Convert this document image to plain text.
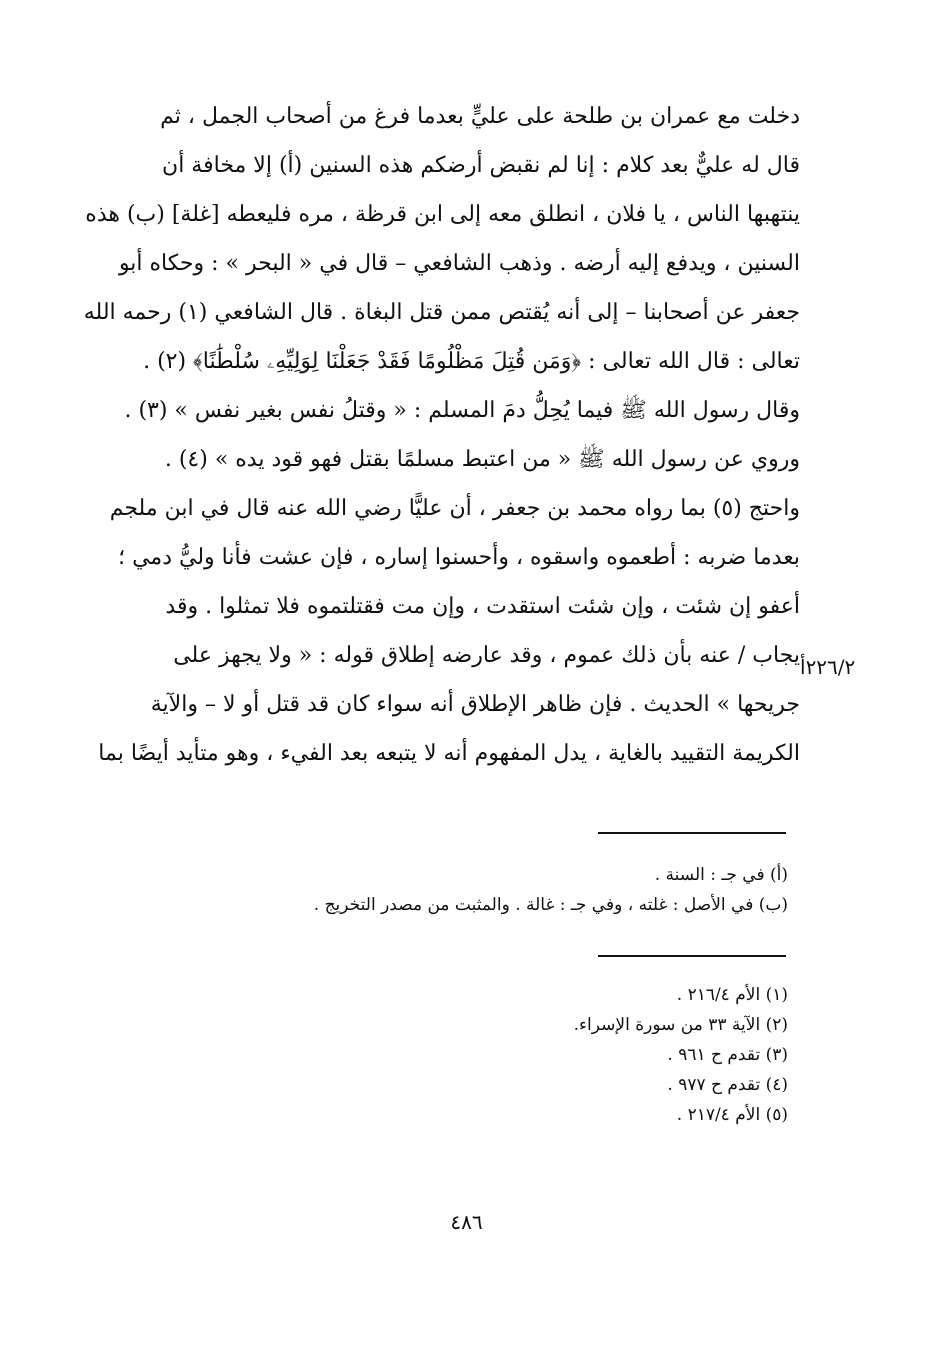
دخلت مع عمران بن طلحة على عليٍّ بعدما فرغ من أصحاب الجمل ، ثم
قال له عليٌّ بعد كلام : إنا لم نقبض أرضكم هذه السنين (أ) إلا مخافة أن
ينتهبها الناس ، يا فلان ، انطلق معه إلى ابن قرظة ، مره فليعطه [غلة] (ب) هذه
السنين ، ويدفع إليه أرضه . وذهب الشافعي – قال في « البحر » : وحكاه أبو
جعفر عن أصحابنا – إلى أنه يُقتص ممن قتل البغاة . قال الشافعي (١) رحمه الله
تعالى : قال الله تعالى : ﴿وَمَن قُتِلَ مَظْلُومًا فَقَدْ جَعَلْنَا لِوَلِيِّهِۦ سُلْطَٰنًا﴾ (٢) .
وقال رسول الله ﷺ فيما يُحِلُّ دمَ المسلم : « وقتلُ نفس بغير نفس » (٣) .
وروي عن رسول الله ﷺ « من اعتبط مسلمًا بقتل فهو قود يده » (٤) .
واحتج (٥) بما رواه محمد بن جعفر ، أن عليًّا رضي الله عنه قال في ابن ملجم
بعدما ضربه : أطعموه واسقوه ، وأحسنوا إساره ، فإن عشت فأنا وليُّ دمي ؛
أعفو إن شئت ، وإن شئت استقدت ، وإن مت فقتلتموه فلا تمثلوا . وقد
يجاب / عنه بأن ذلك عموم ، وقد عارضه إطلاق قوله : « ولا يجهز على
جريحها » الحديث . فإن ظاهر الإطلاق أنه سواء كان قد قتل أو لا – والآية
الكريمة التقييد بالغاية ، يدل المفهوم أنه لا يتبعه بعد الفيء ، وهو متأيد أيضًا بما
٢٢٦/٢أ
(أ) في جـ : السنة .
(ب) في الأصل : غلته ، وفي جـ : غالة . والمثبت من مصدر التخريج .
(١) الأم ٢١٦/٤ .
(٢) الآية ٣٣ من سورة الإسراء.
(٣) تقدم ح ٩٦١ .
(٤) تقدم ح ٩٧٧ .
(٥) الأم ٢١٧/٤ .
٤٨٦
